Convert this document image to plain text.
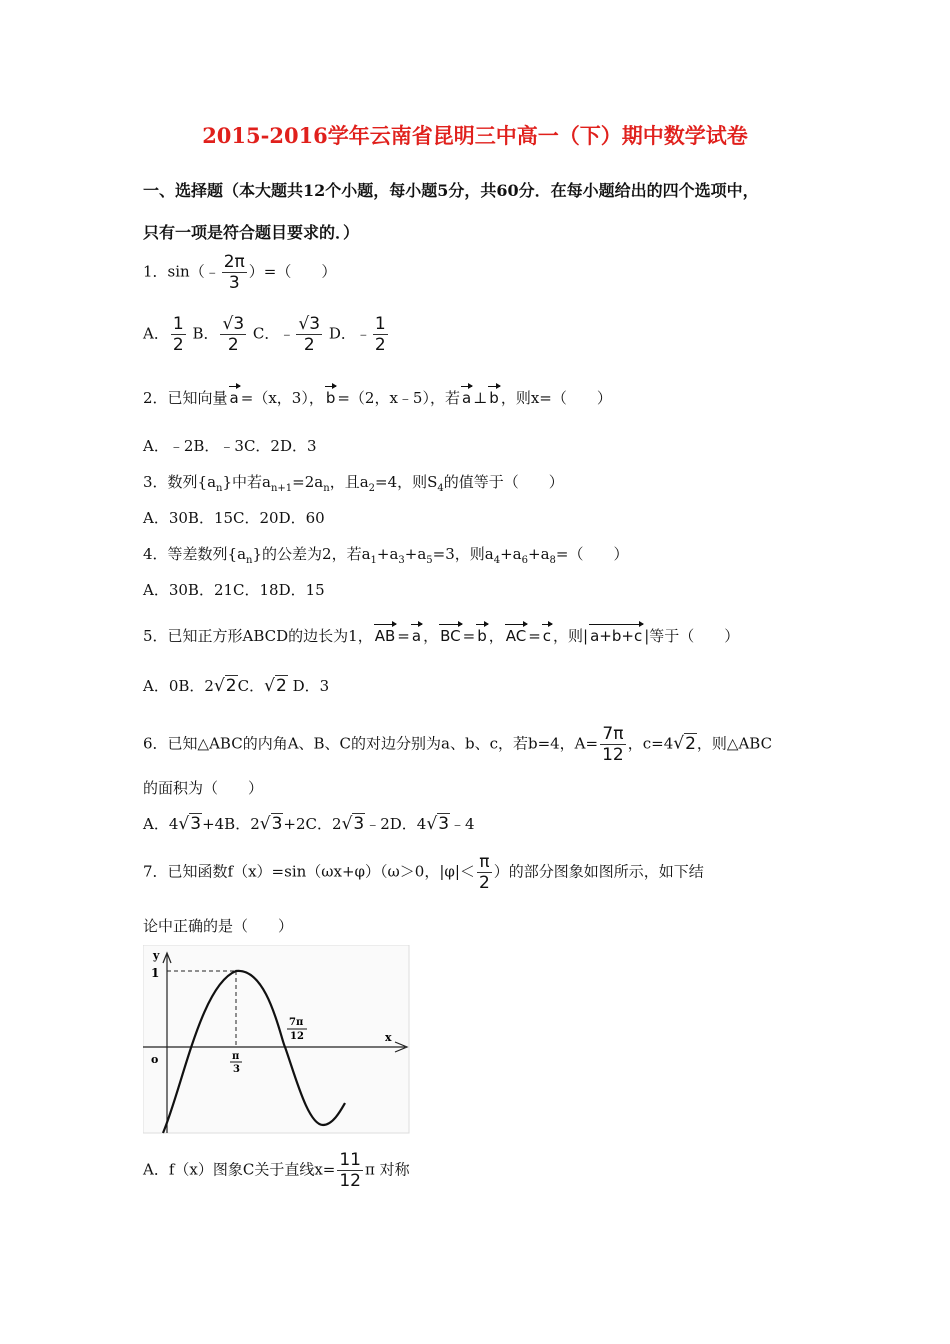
2015-2016学年云南省昆明三中高一（下）期中数学试卷
一、选择题（本大题共12个小题，每小题5分，共60分．在每小题给出的四个选项中，
只有一项是符合题目要求的．）
1．sin（﹣ $\frac{2\pi}{3}$ ）=（　　）
A． $\frac{1}{2}$ B． $\frac{√3}{2}$ C．﹣ $\frac{√3}{2}$ D．﹣ $\frac{1}{2}$
2．已知向量 a =（x，3）， b =（2，x﹣5），若 a ⊥ b ，则x=（　　）
A．﹣2B．﹣3C．2D．3
3．数列$\{a_n\}$中若$a_{n+1}=2a_n$，且$a_2=4$，则$S_4$的值等于（　　）
A．30B．15C．20D．60
4．等差数列$\{a_n\}$的公差为2，若$a_1+a_3+a_5=3$，则$a_4+a_6+a_8=$（　　）
A．30B．21C．18D．15
5．已知正方形ABCD的边长为1， AB = a ， BC = b ， AC = c ，则| a+b+c |等于（　　）
A．0B．2√2C．√2 D．3
6．已知△ABC的内角A、B、C的对边分别为a、b、c，若b=4，$A= \frac{7\pi}{12}$ ，c=4√2，则△ABC
的面积为（　　）
A．4√3+4B．2√3+2C．2√3﹣2D．4√3﹣4
7．已知函数f（x）=sin（ωx+φ）（ω＞0，$|\varphi|< \frac{\pi}{2}$ ）的部分图象如图所示，如下结
论中正确的是（　　）
y
x
o
1
π
3
7π
12
A．f（x）图象C关于直线$x= \frac{11}{12}$ π 对称
